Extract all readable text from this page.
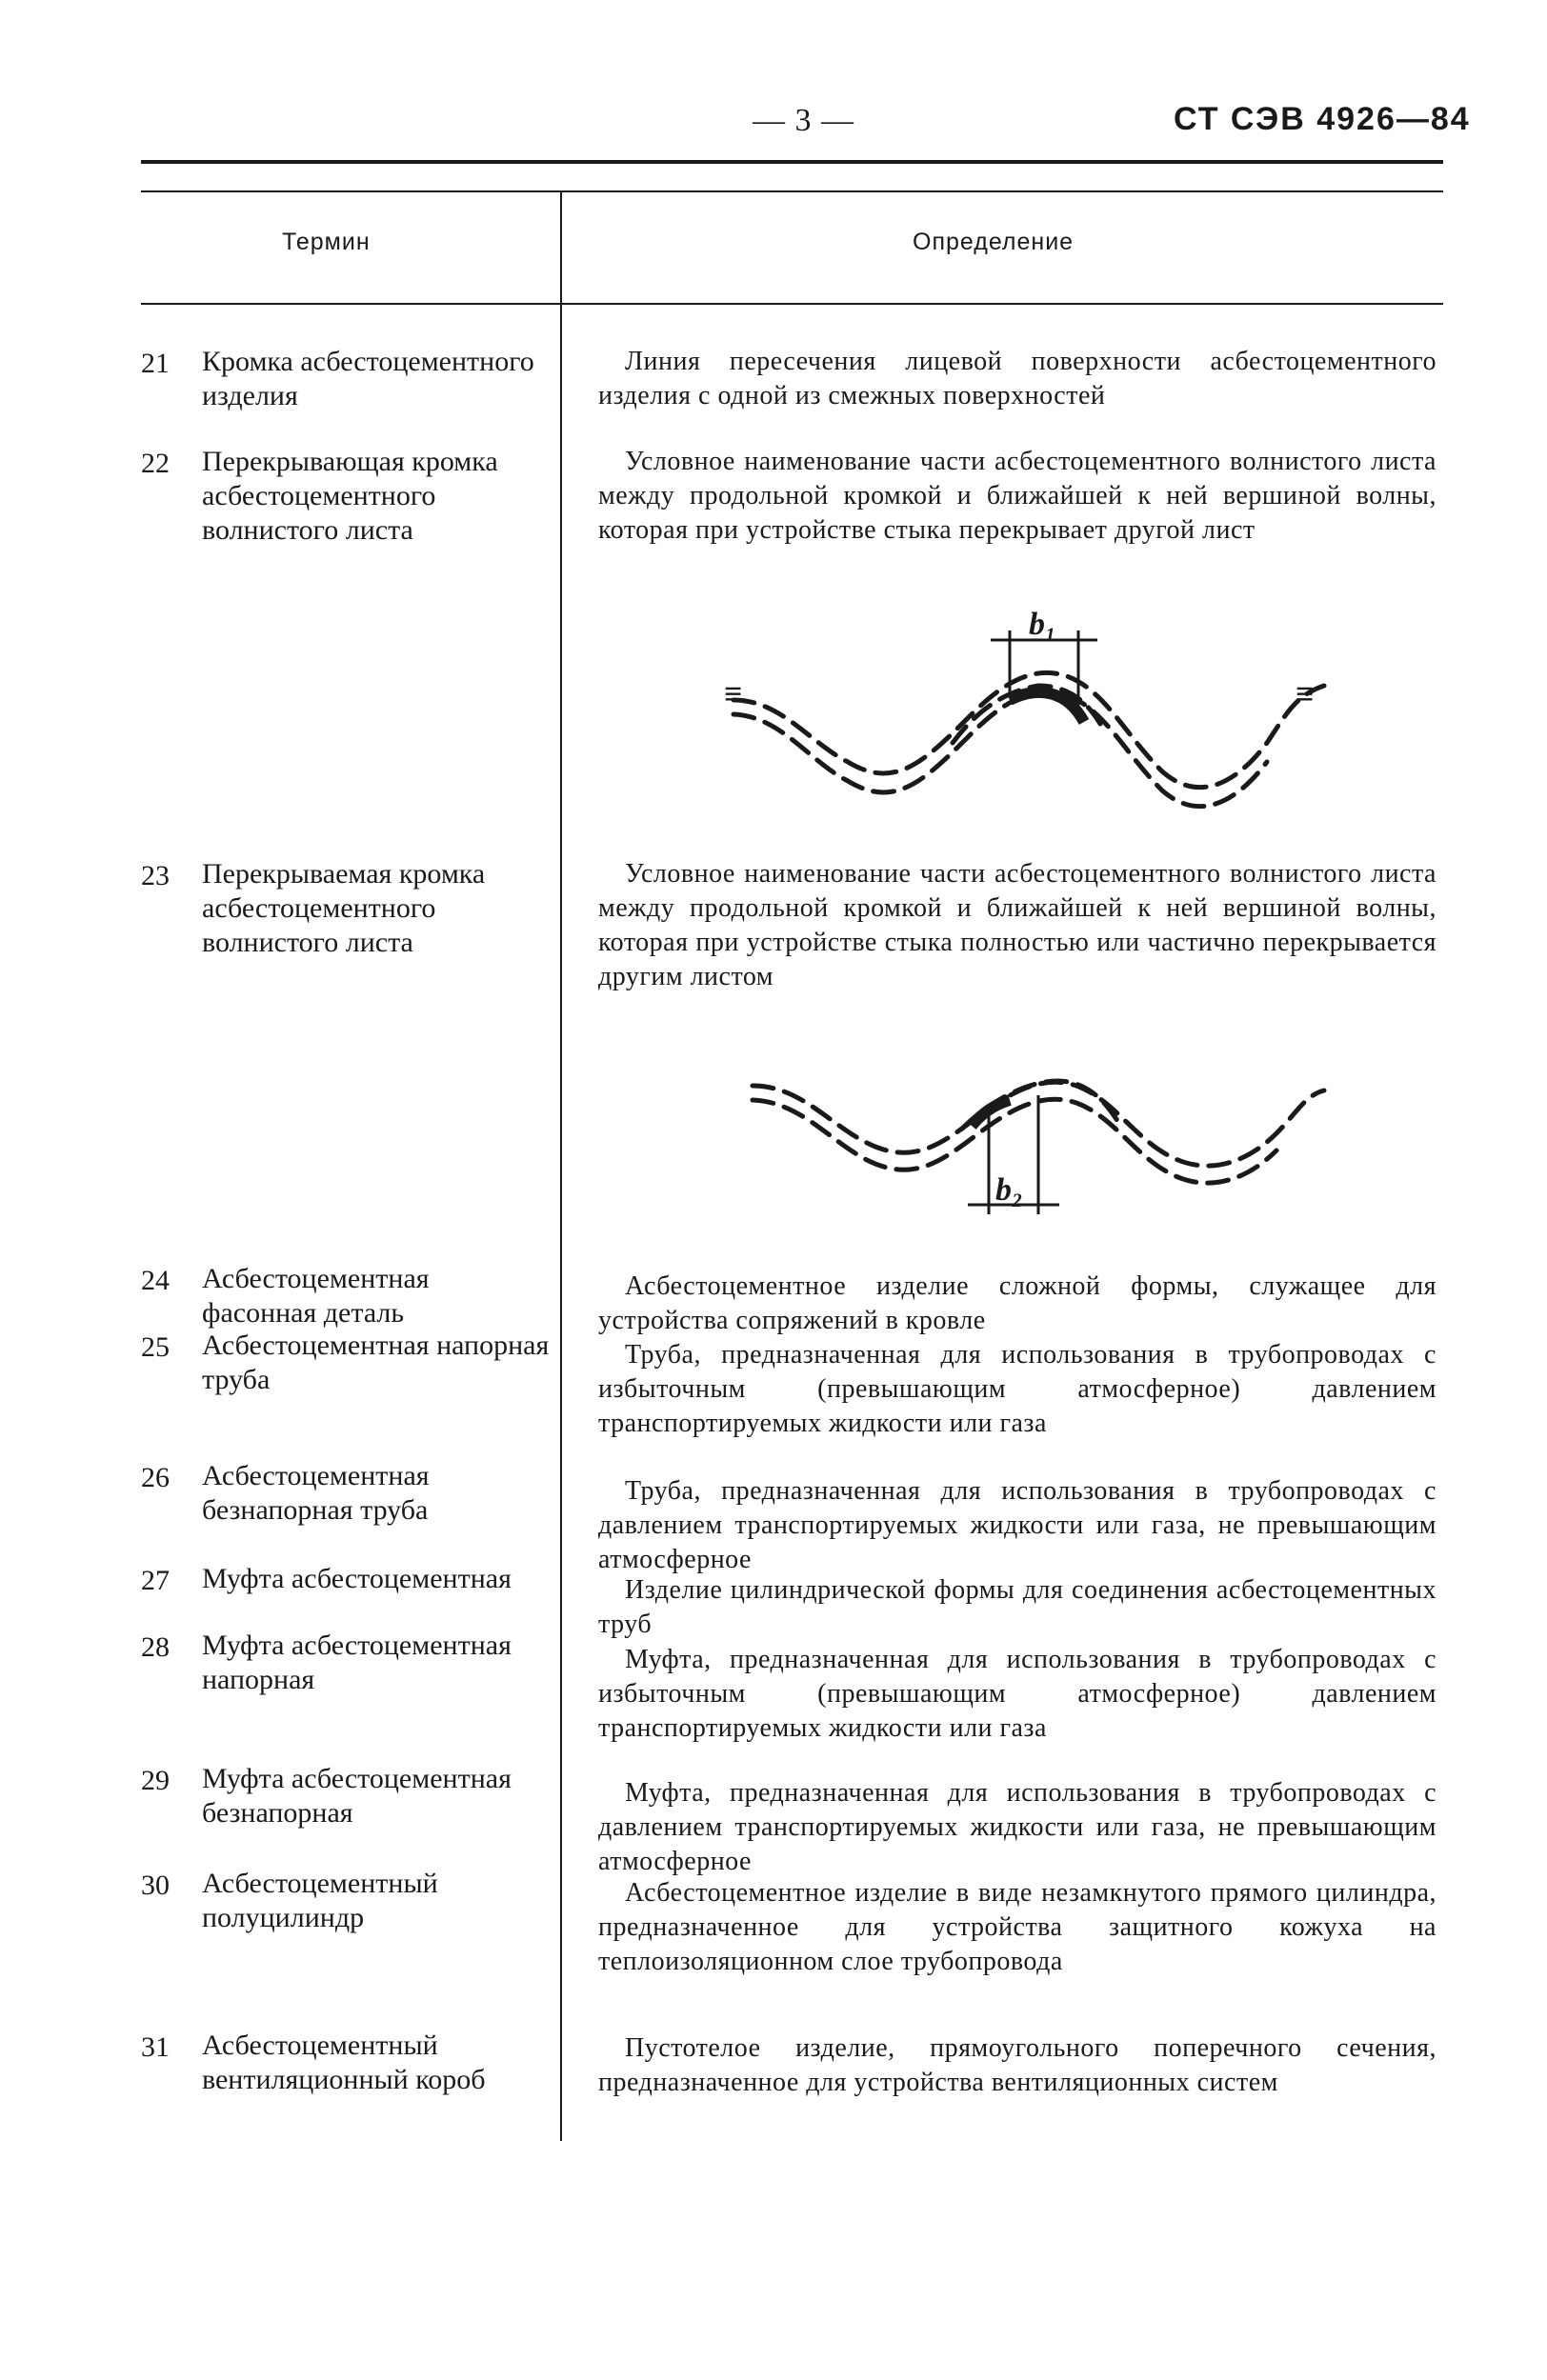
— 3 —	СТ СЭВ 4926—84
Термин	Определение
21	Кромка асбестоцементного изделия
Линия пересечения лицевой поверхности асбестоцементного изделия с одной из смежных поверхностей
22	Перекрывающая кромка асбестоцементного волнистого листа
Условное наименование части асбестоцементного волнистого листа между продольной кромкой и ближайшей к ней вершиной волны, которая при устройстве стыка перекрывает другой лист
b₁
≡	≡
23	Перекрываемая кромка асбестоцементного волнистого листа
Условное наименование части асбестоцементного волнистого листа между продольной кромкой и ближайшей к ней вершиной волны, которая при устройстве стыка полностью или частично перекрывается другим листом
b₂
24	Асбестоцементная фасонная деталь
Асбестоцементное изделие сложной формы, служащее для устройства сопряжений в кровле
25	Асбестоцементная напорная труба
Труба, предназначенная для использования в трубопроводах с избыточным (превышающим атмосферное) давлением транспортируемых жидкости или газа
26	Асбестоцементная безнапорная труба
Труба, предназначенная для использования в трубопроводах с давлением транспортируемых жидкости или газа, не превышающим атмосферное
27	Муфта асбестоцементная	Изделие цилиндрической формы для соединения асбестоцементных труб
28	Муфта асбестоцементная напорная
Муфта, предназначенная для использования в трубопроводах с избыточным (превышающим атмосферное) давлением транспортируемых жидкости или газа
29	Муфта асбестоцементная безнапорная
Муфта, предназначенная для использования в трубопроводах с давлением транспортируемых жидкости или газа, не превышающим атмосферное
30	Асбестоцементный полуцилиндр
Асбестоцементное изделие в виде незамкнутого прямого цилиндра, предназначенное для устройства защитного кожуха на теплоизоляционном слое трубопровода
31	Асбестоцементный вентиляционный короб
Пустотелое изделие, прямоугольного поперечного сечения, предназначенное для устройства вентиляционных систем
